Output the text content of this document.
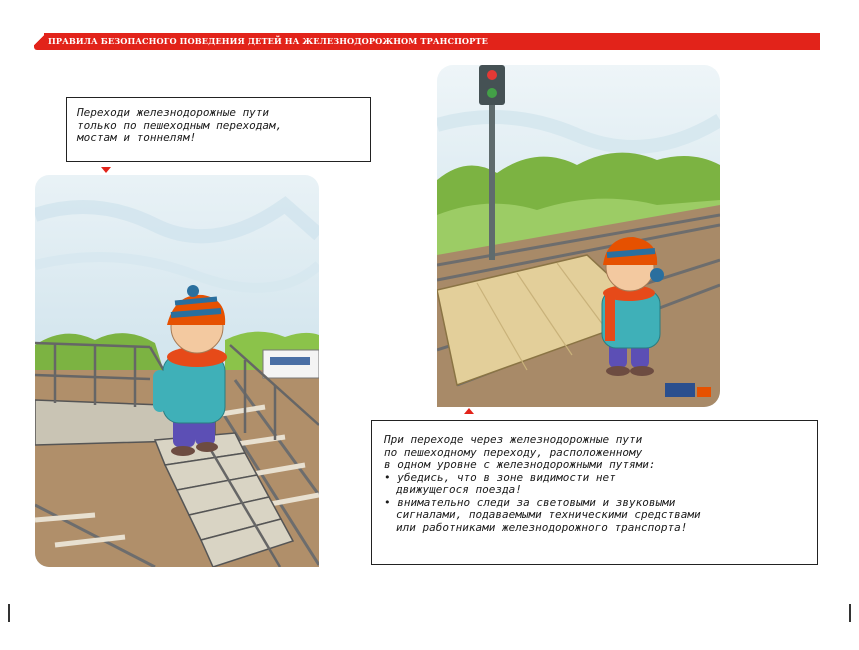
ПРАВИЛА БЕЗОПАСНОГО ПОВЕДЕНИЯ ДЕТЕЙ НА ЖЕЛЕЗНОДОРОЖНОМ ТРАНСПОРТЕ
Переходи железнодорожные пути
только по пешеходным переходам,
мостам и тоннелям!
При переходе через железнодорожные пути
по пешеходному переходу, расположенному
в одном уровне с железнодорожными путями:
• убедись, что в зоне видимости нет
движущегося поезда!
• внимательно следи за световыми и звуковыми
сигналами, подаваемыми техническими средствами
или работниками железнодорожного транспорта!
